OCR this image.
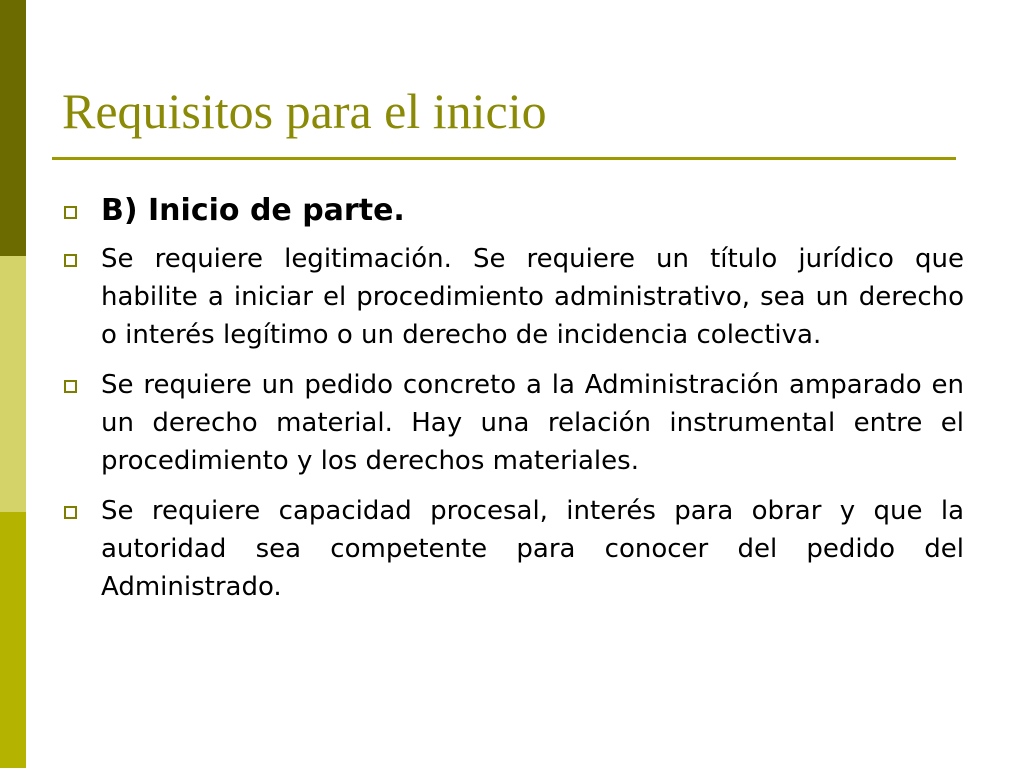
Requisitos para el inicio
B) Inicio de parte.
Se requiere legitimación. Se requiere un título jurídico que habilite a iniciar el procedimiento administrativo, sea un derecho o interés legítimo o un derecho de incidencia colectiva.
Se requiere un pedido concreto a la Administración amparado en un derecho material. Hay una relación instrumental entre el procedimiento y los derechos materiales.
Se requiere capacidad procesal, interés para obrar y que la autoridad sea competente para conocer del pedido del Administrado.
